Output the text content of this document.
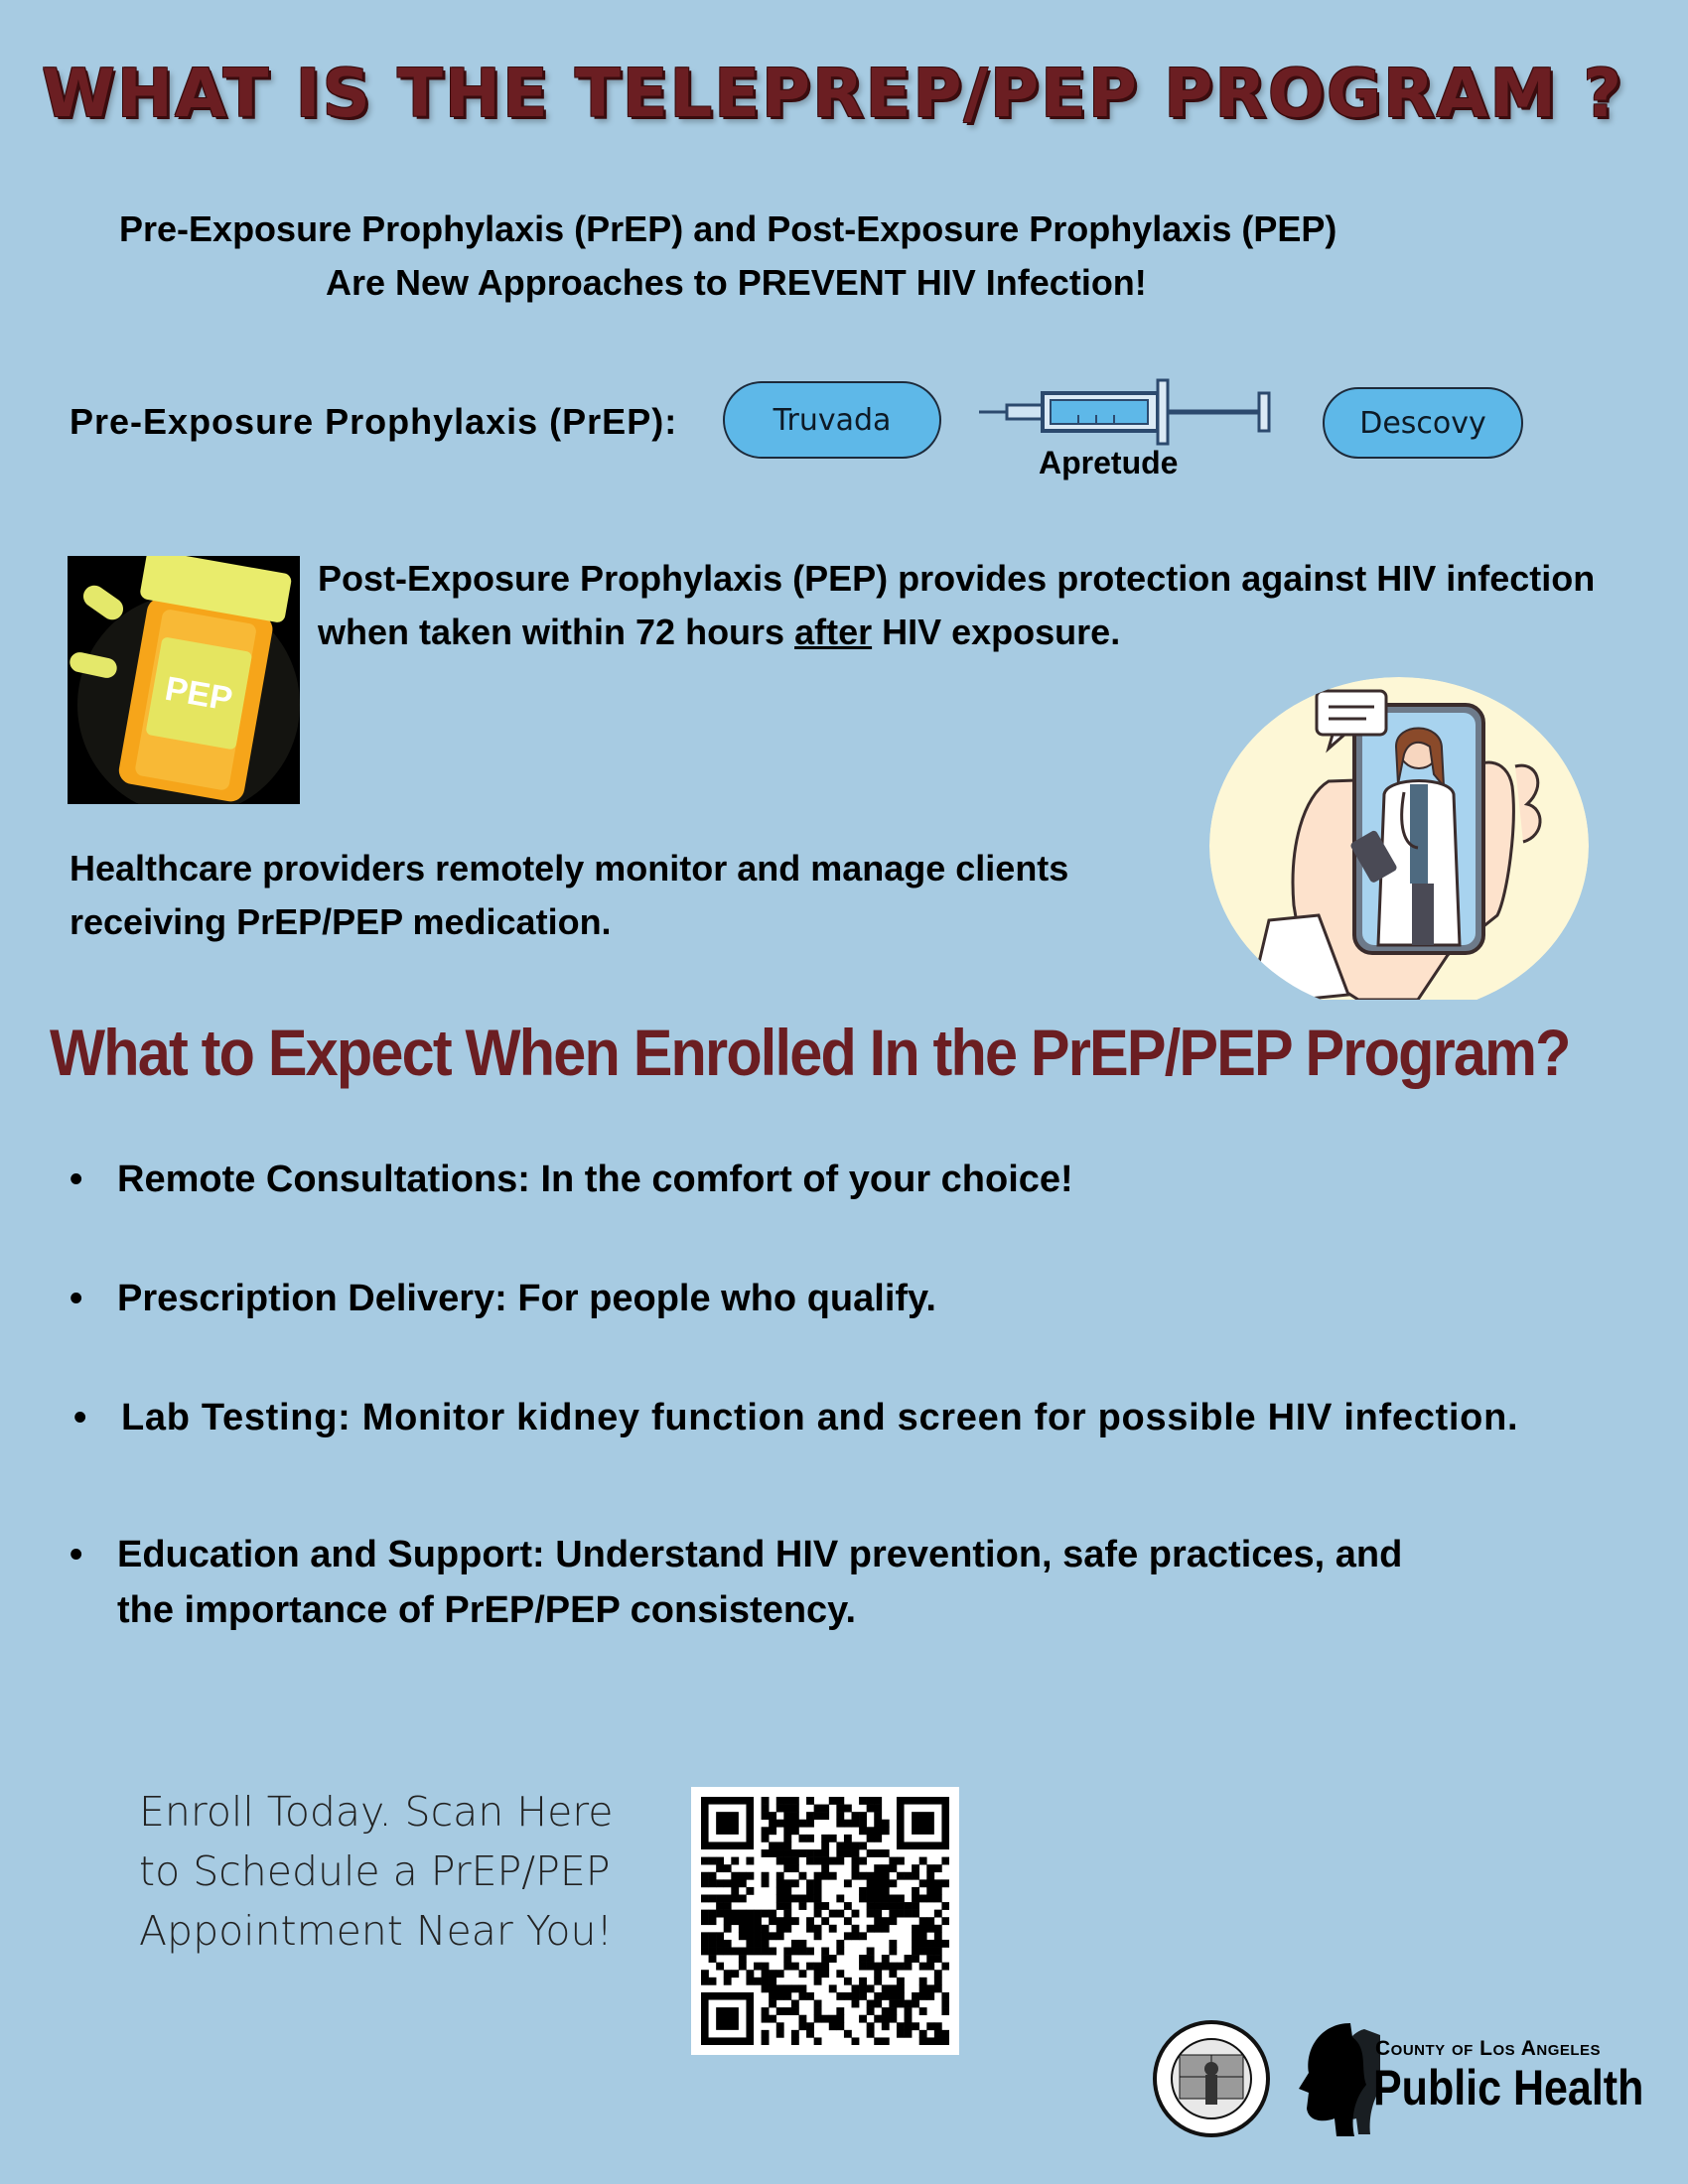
WHAT IS THE TELEPREP/PEP PROGRAM ?
Pre-Exposure Prophylaxis (PrEP) and Post-Exposure Prophylaxis (PEP)
Are New Approaches to PREVENT HIV Infection!
Pre-Exposure Prophylaxis (PrEP):	Truvada
Apretude
Descovy
PEP
Post-Exposure Prophylaxis (PEP) provides protection against HIV infection when taken within 72 hours after HIV exposure.
Healthcare providers remotely monitor and manage clients receiving PrEP/PEP medication.
What to Expect When Enrolled In the PrEP/PEP Program?
• Remote Consultations: In the comfort of your choice!
• Prescription Delivery: For people who qualify.
• Lab Testing: Monitor kidney function and screen for possible HIV infection.
• Education and Support: Understand HIV prevention, safe practices, and
the importance of PrEP/PEP consistency.
Enroll Today. Scan Here
to Schedule a PrEP/PEP
Appointment Near You!
County of Los Angeles
Public Health
